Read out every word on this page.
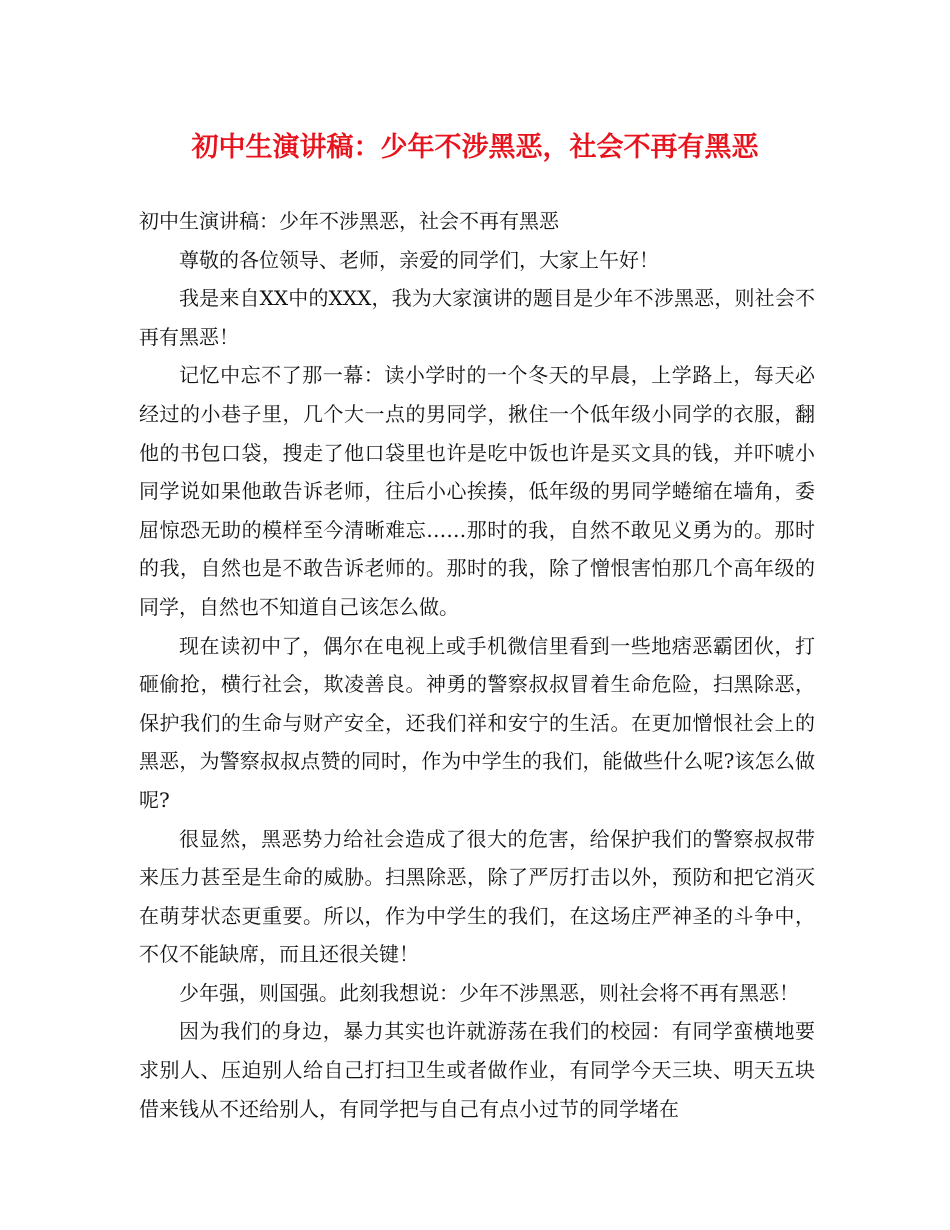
初中生演讲稿：少年不涉黑恶，社会不再有黑恶

初中生演讲稿：少年不涉黑恶，社会不再有黑恶

尊敬的各位领导、老师，亲爱的同学们，大家上午好！

我是来自XX中的XXX，我为大家演讲的题目是少年不涉黑恶，则社会不再有黑恶！

记忆中忘不了那一幕：读小学时的一个冬天的早晨，上学路上，每天必经过的小巷子里，几个大一点的男同学，揪住一个低年级小同学的衣服，翻他的书包口袋，搜走了他口袋里也许是吃中饭也许是买文具的钱，并吓唬小同学说如果他敢告诉老师，往后小心挨揍，低年级的男同学蜷缩在墙角，委屈惊恐无助的模样至今清晰难忘……那时的我，自然不敢见义勇为的。那时的我，自然也是不敢告诉老师的。那时的我，除了憎恨害怕那几个高年级的同学，自然也不知道自己该怎么做。

现在读初中了，偶尔在电视上或手机微信里看到一些地痞恶霸团伙，打砸偷抢，横行社会，欺凌善良。神勇的警察叔叔冒着生命危险，扫黑除恶，保护我们的生命与财产安全，还我们祥和安宁的生活。在更加憎恨社会上的黑恶，为警察叔叔点赞的同时，作为中学生的我们，能做些什么呢?该怎么做呢?

很显然，黑恶势力给社会造成了很大的危害，给保护我们的警察叔叔带来压力甚至是生命的威胁。扫黑除恶，除了严厉打击以外，预防和把它消灭在萌芽状态更重要。所以，作为中学生的我们，在这场庄严神圣的斗争中，不仅不能缺席，而且还很关键！

少年强，则国强。此刻我想说：少年不涉黑恶，则社会将不再有黑恶！

因为我们的身边，暴力其实也许就游荡在我们的校园：有同学蛮横地要求别人、压迫别人给自己打扫卫生或者做作业，有同学今天三块、明天五块借来钱从不还给别人，有同学把与自己有点小过节的同学堵在
